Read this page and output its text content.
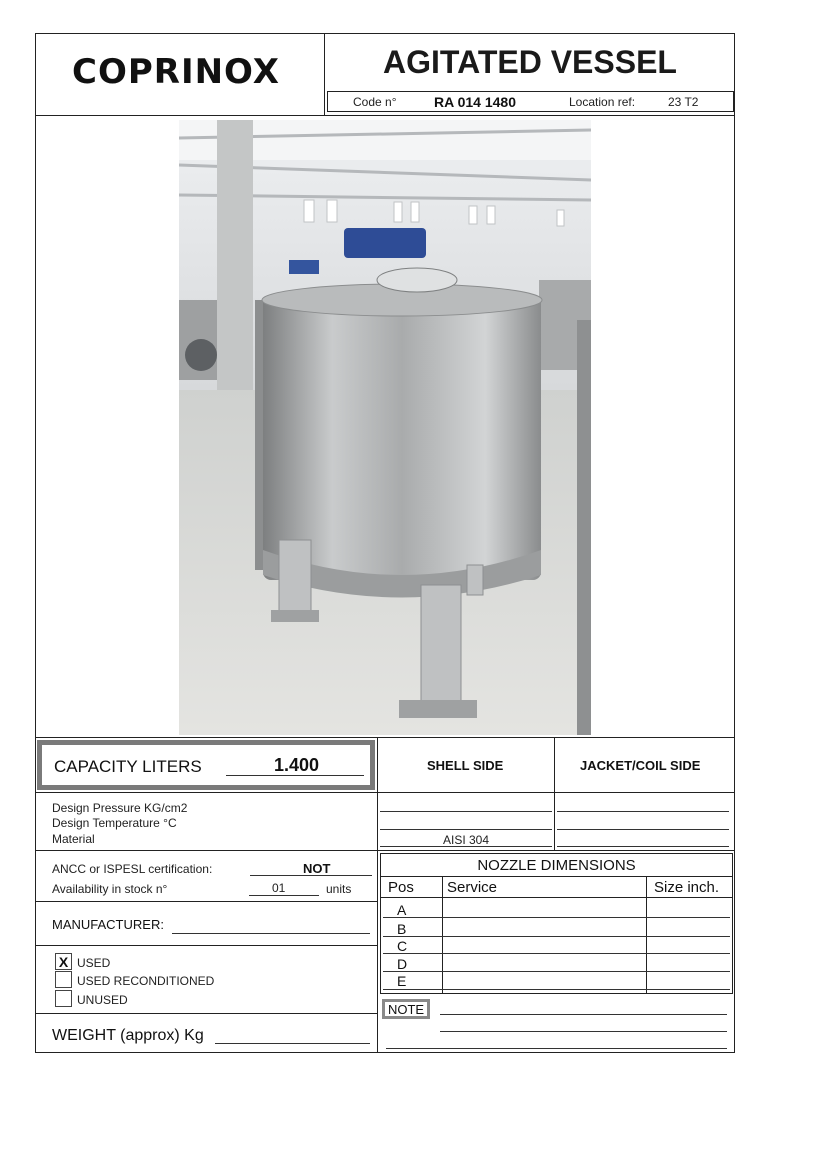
COPRINOX	AGITATED VESSEL
Code n°	RA 014 1480	Location ref:	23 T2
CAPACITY LITERS	1.400	SHELL SIDE	JACKET/COIL SIDE
Design Pressure KG/cm2
Design Temperature °C
Material	AISI 304
ANCC or ISPESL certification:	NOT
Availability in stock n°	01	units
MANUFACTURER:
X USED
USED RECONDITIONED
UNUSED
WEIGHT (approx) Kg
NOZZLE DIMENSIONS
Pos Service	Size inch.
A
B
C
D
E
NOTE
